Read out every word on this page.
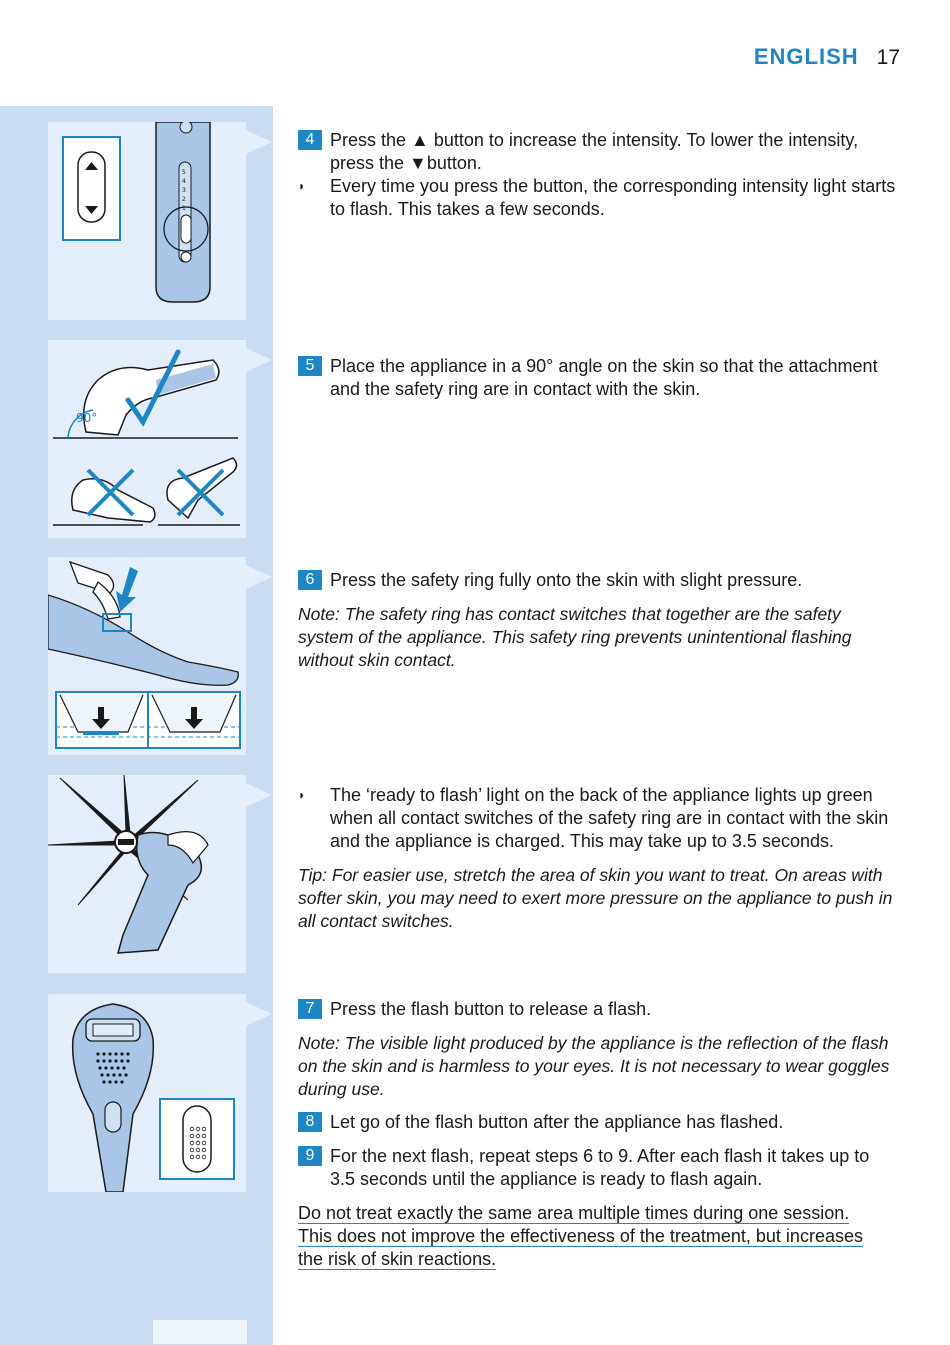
ENGLISH 17
5
4
3
2
1
90°
4 Press the ▲ button to increase the intensity. To lower the intensity, press the ▼button.
◗	Every time you press the button, the corresponding intensity light starts to flash. This takes a few seconds.
5 Place the appliance in a 90° angle on the skin so that the attachment and the safety ring are in contact with the skin.
6 Press the safety ring fully onto the skin with slight pressure.
Note: The safety ring has contact switches that together are the safety system of the appliance. This safety ring prevents unintentional flashing without skin contact.
◗	The ‘ready to flash’ light on the back of the appliance lights up green when all contact switches of the safety ring are in contact with the skin and the appliance is charged. This may take up to 3.5 seconds.
Tip: For easier use, stretch the area of skin you want to treat. On areas with softer skin, you may need to exert more pressure on the appliance to push in all contact switches.
7 Press the flash button to release a flash.
Note: The visible light produced by the appliance is the reflection of the flash on the skin and is harmless to your eyes. It is not necessary to wear goggles during use.
8 Let go of the flash button after the appliance has flashed.
9 For the next flash, repeat steps 6 to 9. After each flash it takes up to 3.5 seconds until the appliance is ready to flash again.
Do not treat exactly the same area multiple times during one session.
This does not improve the effectiveness of the treatment, but increases
the risk of skin reactions.
